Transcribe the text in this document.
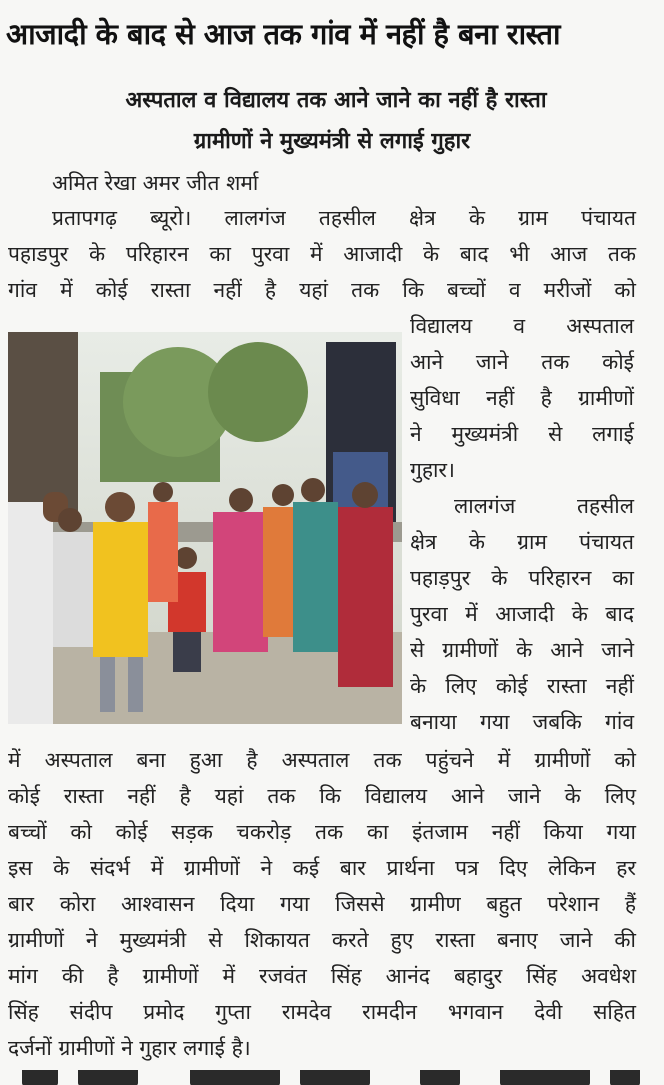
आजादी के बाद से आज तक गांव में नहीं है बना रास्ता
अस्पताल व विद्यालय तक आने जाने का नहीं है रास्ता
ग्रामीणों ने मुख्यमंत्री से लगाई गुहार
अमित रेखा अमर जीत शर्मा
प्रतापगढ़ ब्यूरो। लालगंज तहसील क्षेत्र के ग्राम पंचायत
पहाडपुर के परिहारन का पुरवा में आजादी के बाद भी आज तक
गांव में कोई रास्ता नहीं है यहां तक कि बच्चों व मरीजों को
विद्यालय व अस्पताल
आने जाने तक कोई
सुविधा नहीं है ग्रामीणों
ने मुख्यमंत्री से लगाई
गुहार।
लालगंज तहसील
क्षेत्र के ग्राम पंचायत
पहाड़पुर के परिहारन का
पुरवा में आजादी के बाद
से ग्रामीणों के आने जाने
के लिए कोई रास्ता नहीं
बनाया गया जबकि गांव
में अस्पताल बना हुआ है अस्पताल तक पहुंचने में ग्रामीणों को
कोई रास्ता नहीं है यहां तक कि विद्यालय आने जाने के लिए
बच्चों को कोई सड़क चकरोड़ तक का इंतजाम नहीं किया गया
इस के संदर्भ में ग्रामीणों ने कई बार प्रार्थना पत्र दिए लेकिन हर
बार कोरा आश्वासन दिया गया जिससे ग्रामीण बहुत परेशान हैं
ग्रामीणों ने मुख्यमंत्री से शिकायत करते हुए रास्ता बनाए जाने की
मांग की है ग्रामीणों में रजवंत सिंह आनंद बहादुर सिंह अवधेश
सिंह संदीप प्रमोद गुप्ता रामदेव रामदीन भगवान देवी सहित
दर्जनों ग्रामीणों ने गुहार लगाई है।
